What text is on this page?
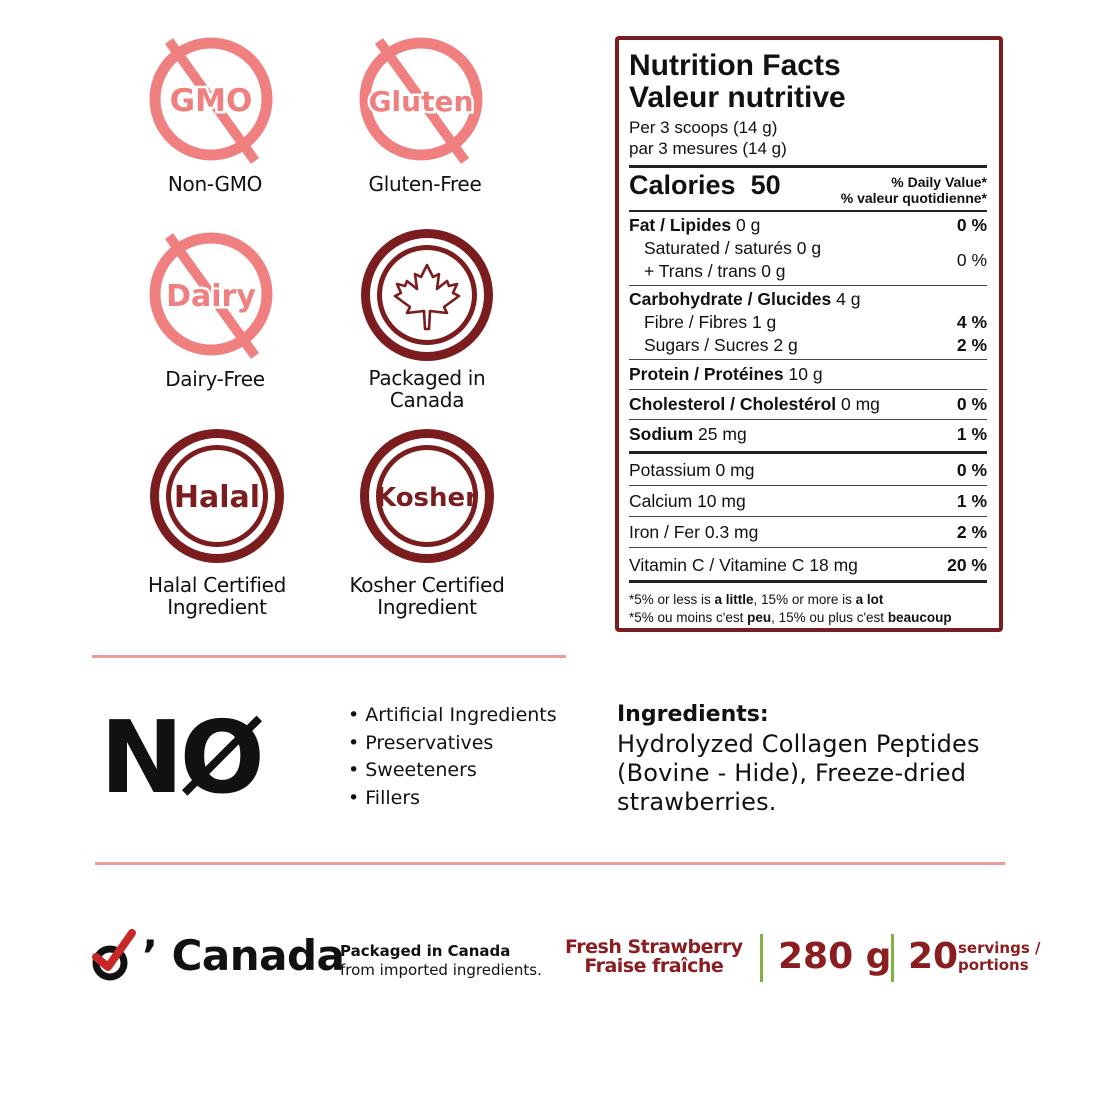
GMO
Non-GMO
Gluten
Gluten-Free
Dairy
Dairy-Free	Packaged in
Canada
Halal
Halal Certified
Ingredient
Kosher
Kosher Certified
Ingredient
Nutrition Facts
Valeur nutritive
Per 3 scoops (14 g)
par 3 mesures (14 g)
Calories 50	% Daily Value*
% valeur quotidienne*
Fat / Lipides 0 g	0 %
Saturated / saturés 0 g
+ Trans / trans 0 g
0 %
Carbohydrate / Glucides 4 g
Fibre / Fibres 1 g	4 %
Sugars / Sucres 2 g	2 %
Protein / Protéines 10 g
Cholesterol / Cholestérol 0 mg	0 %
Sodium 25 mg	1 %
Potassium 0 mg	0 %
Calcium 10 mg	1 %
Iron / Fer 0.3 mg	2 %
Vitamin C / Vitamine C 18 mg	20 %
*5% or less is a little, 15% or more is a lot
*5% ou moins c'est peu, 15% ou plus c'est beaucoup
NØ
•	Artificial Ingredients
• Preservatives
• Sweeteners
• Fillers
Ingredients:
Hydrolyzed Collagen Peptides (Bovine - Hide), Freeze-dried strawberries.
O
’ Canada
Packaged in Canada
from imported ingredients.
Fresh Strawberry
Fraise fraîche	280 g 20 servings /
portions
